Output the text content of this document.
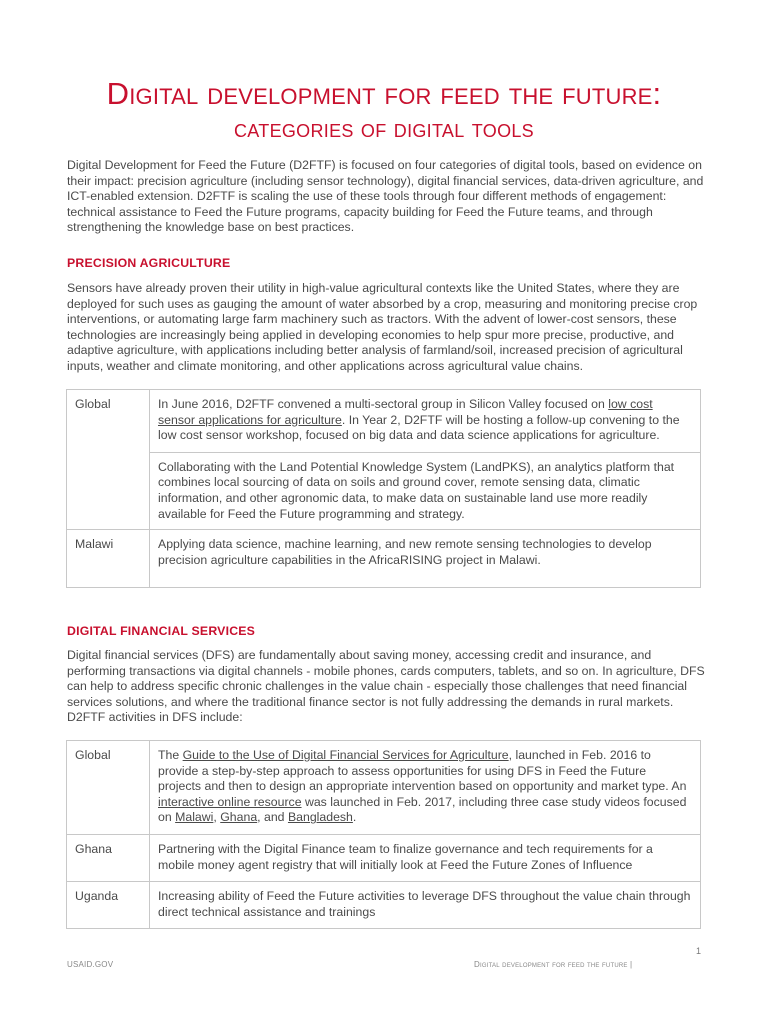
Digital development for feed the future:
categories of digital tools

Digital Development for Feed the Future (D2FTF) is focused on four categories of digital tools, based on evidence on their impact: precision agriculture (including sensor technology), digital financial services, data-driven agriculture, and ICT-enabled extension. D2FTF is scaling the use of these tools through four different methods of engagement: technical assistance to Feed the Future programs, capacity building for Feed the Future teams, and through strengthening the knowledge base on best practices.

PRECISION AGRICULTURE

Sensors have already proven their utility in high-value agricultural contexts like the United States, where they are deployed for such uses as gauging the amount of water absorbed by a crop, measuring and monitoring precise crop interventions, or automating large farm machinery such as tractors. With the advent of lower-cost sensors, these technologies are increasingly being applied in developing economies to help spur more precise, productive, and adaptive agriculture, with applications including better analysis of farmland/soil, increased precision of agricultural inputs, weather and climate monitoring, and other applications across agricultural value chains.

Global	In June 2016, D2FTF convened a multi-sectoral group in Silicon Valley focused on low cost sensor applications for agriculture. In Year 2, D2FTF will be hosting a follow-up convening to the low cost sensor workshop, focused on big data and data science applications for agriculture.
	Collaborating with the Land Potential Knowledge System (LandPKS), an analytics platform that combines local sourcing of data on soils and ground cover, remote sensing data, climatic information, and other agronomic data, to make data on sustainable land use more readily available for Feed the Future programming and strategy.
Malawi	Applying data science, machine learning, and new remote sensing technologies to develop precision agriculture capabilities in the AfricaRISING project in Malawi.
DIGITAL FINANCIAL SERVICES

Digital financial services (DFS) are fundamentally about saving money, accessing credit and insurance, and performing transactions via digital channels - mobile phones, cards computers, tablets, and so on. In agriculture, DFS can help to address specific chronic challenges in the value chain - especially those challenges that need financial services solutions, and where the traditional finance sector is not fully addressing the demands in rural markets. D2FTF activities in DFS include:

Global	The Guide to the Use of Digital Financial Services for Agriculture, launched in Feb. 2016 to provide a step-by-step approach to assess opportunities for using DFS in Feed the Future projects and then to design an appropriate intervention based on opportunity and market type. An interactive online resource was launched in Feb. 2017, including three case study videos focused on Malawi, Ghana, and Bangladesh.
Ghana	Partnering with the Digital Finance team to finalize governance and tech requirements for a mobile money agent registry that will initially look at Feed the Future Zones of Influence
Uganda	Increasing ability of Feed the Future activities to leverage DFS throughout the value chain through direct technical assistance and trainings
1
USAID.GOV	Digital development for feed the future |
